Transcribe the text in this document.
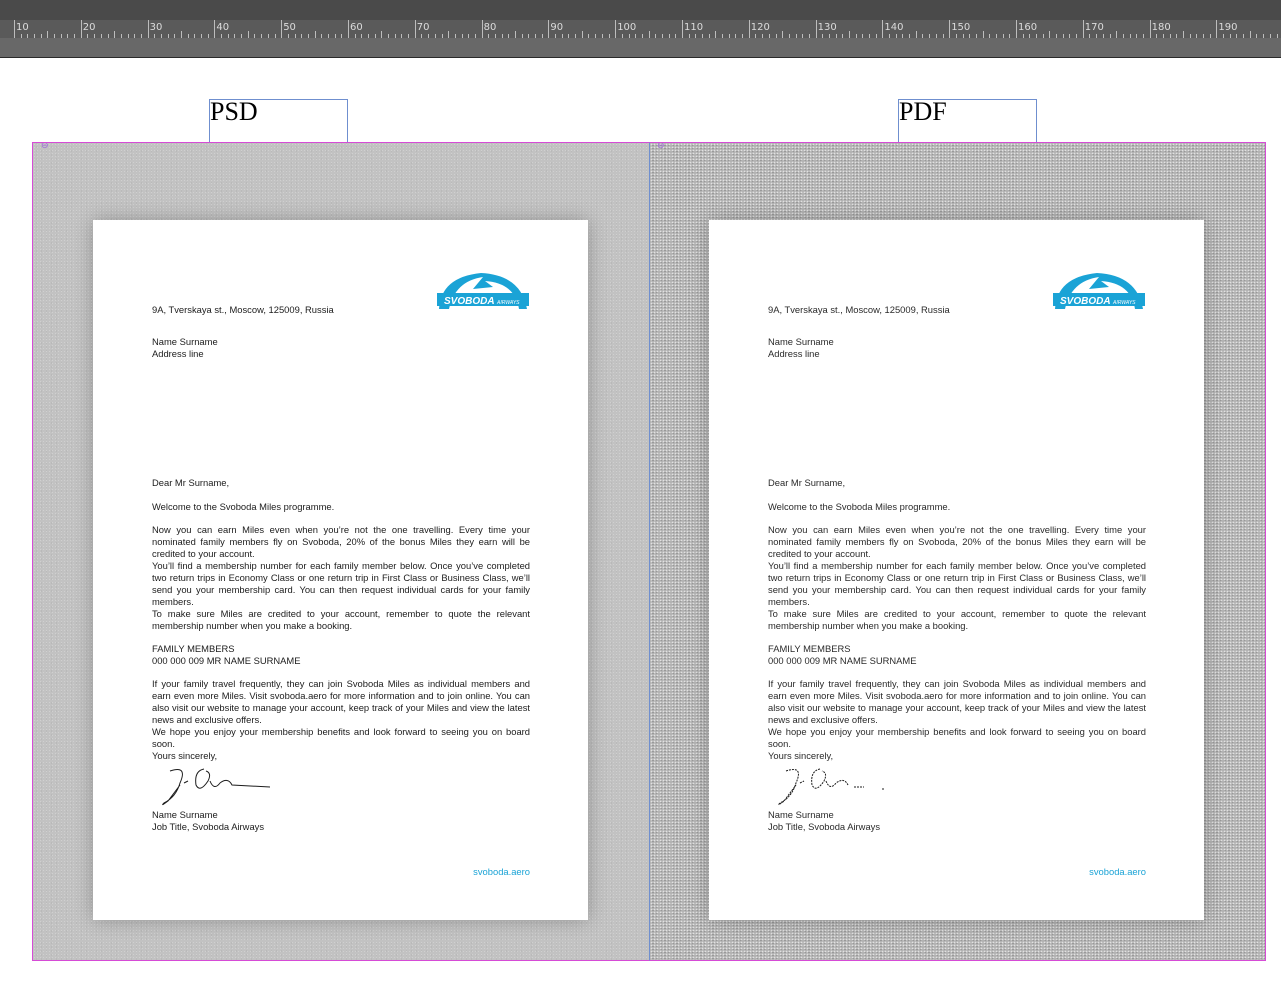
10	20	30	40	50	60	70	80	90	100	110	120	130	140	150	160	170	180	190
PSD	PDF
⊖
SVOBODA AIRWAYS
9A, Tverskaya st., Moscow, 125009, Russia
Name Surname
Address line
Dear Mr Surname,
Welcome to the Svoboda Miles programme.
Now you can earn Miles even when you’re not the one travelling. Every time your nominated family members fly on Svoboda, 20% of the bonus Miles they earn will be credited to your account.
You’ll find a membership number for each family member below. Once you’ve completed two return trips in Economy Class or one return trip in First Class or Business Class, we’ll send you your membership card. You can then request individual cards for your family members.
To make sure Miles are credited to your account, remember to quote the relevant membership number when you make a booking.
FAMILY MEMBERS
000 000 009 MR NAME SURNAME
If your family travel frequently, they can join Svoboda Miles as individual members and earn even more Miles. Visit svoboda.aero for more information and to join online. You can also visit our website to manage your account, keep track of your Miles and view the latest news and exclusive offers.
We hope you enjoy your membership benefits and look forward to seeing you on board soon.
Yours sincerely,
Name Surname
Job Title, Svoboda Airways
svoboda.aero
⊖
SVOBODA AIRWAYS
9A, Tverskaya st., Moscow, 125009, Russia
Name Surname
Address line
Dear Mr Surname,
Welcome to the Svoboda Miles programme.
Now you can earn Miles even when you’re not the one travelling. Every time your nominated family members fly on Svoboda, 20% of the bonus Miles they earn will be credited to your account.
You’ll find a membership number for each family member below. Once you’ve completed two return trips in Economy Class or one return trip in First Class or Business Class, we’ll send you your membership card. You can then request individual cards for your family members.
To make sure Miles are credited to your account, remember to quote the relevant membership number when you make a booking.
FAMILY MEMBERS
000 000 009 MR NAME SURNAME
If your family travel frequently, they can join Svoboda Miles as individual members and earn even more Miles. Visit svoboda.aero for more information and to join online. You can also visit our website to manage your account, keep track of your Miles and view the latest news and exclusive offers.
We hope you enjoy your membership benefits and look forward to seeing you on board soon.
Yours sincerely,
Name Surname
Job Title, Svoboda Airways
svoboda.aero
